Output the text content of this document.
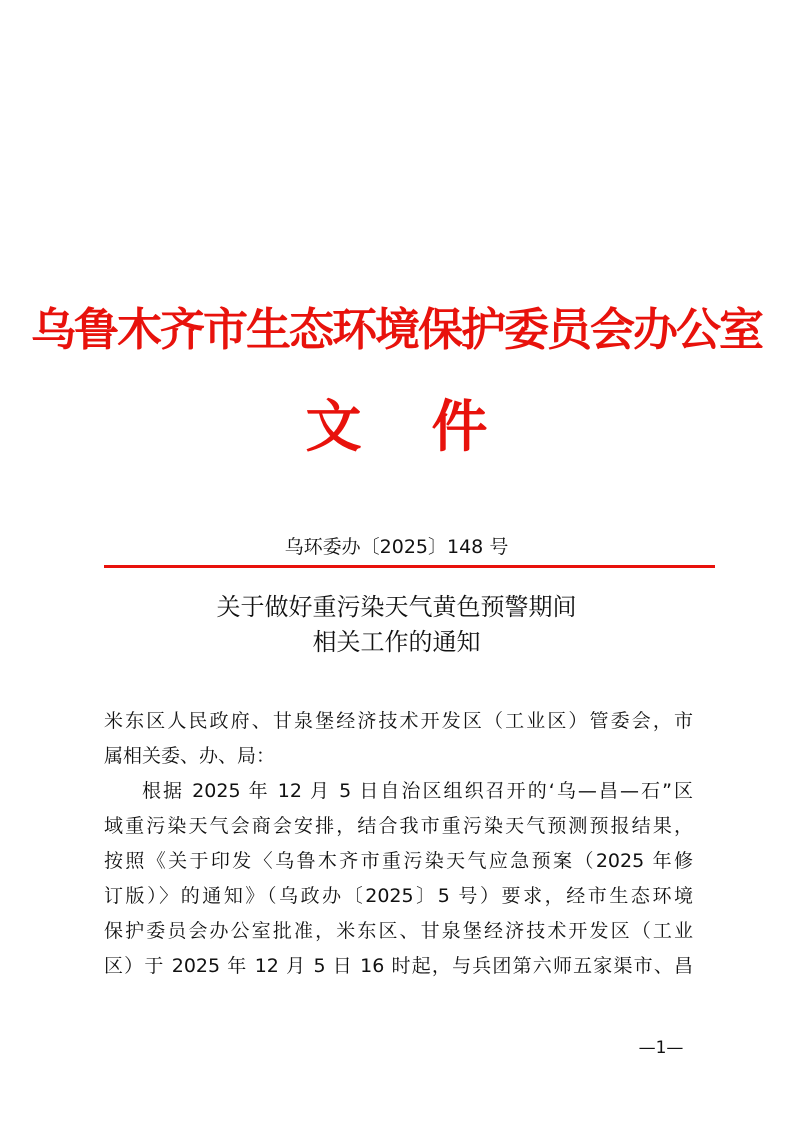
乌鲁木齐市生态环境保护委员会办公室
文 件
乌环委办〔2025〕148 号
关于做好重污染天气黄色预警期间
相关工作的通知
米东区人民政府、甘泉堡经济技术开发区（工业区）管委会，市
属相关委、办、局：
根据 2025 年 12 月 5 日自治区组织召开的‘乌—昌—石”区
域重污染天气会商会安排，结合我市重污染天气预测预报结果，
按照《关于印发〈乌鲁木齐市重污染天气应急预案（2025 年修
订版）〉的通知》（乌政办〔2025〕5 号）要求，经市生态环境
保护委员会办公室批准，米东区、甘泉堡经济技术开发区（工业
区）于 2025 年 12 月 5 日 16 时起，与兵团第六师五家渠市、昌
—1—
